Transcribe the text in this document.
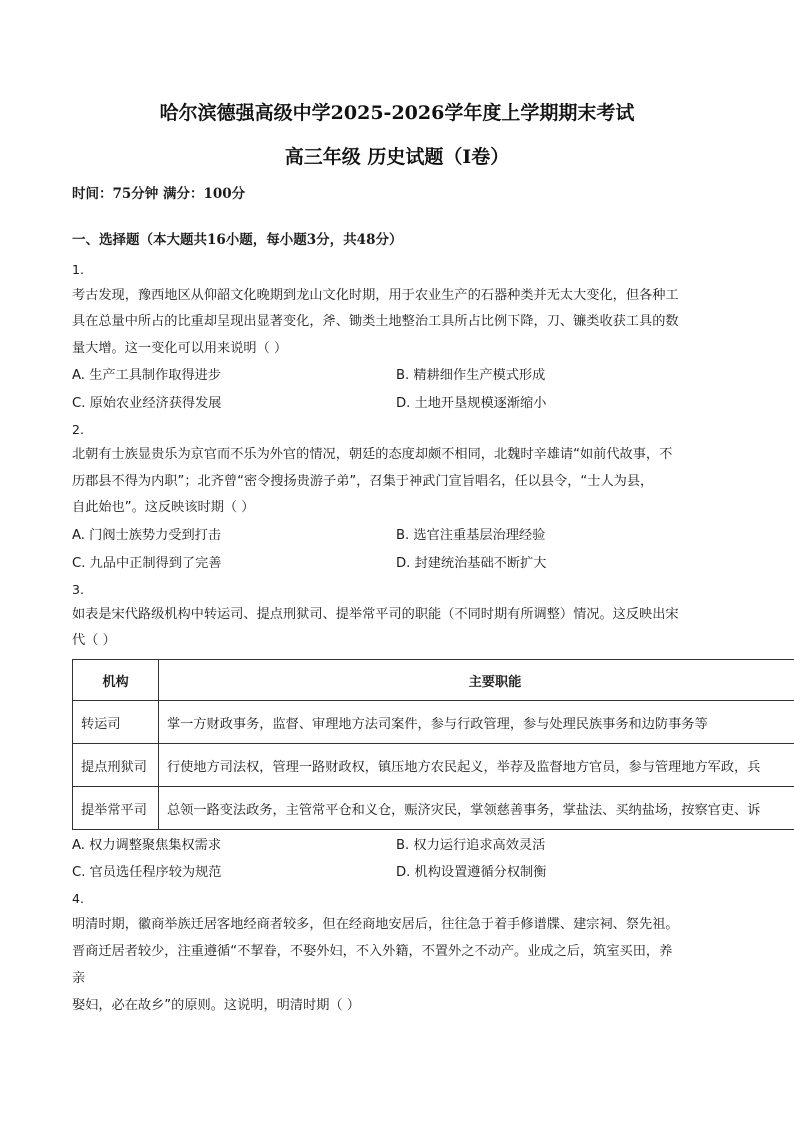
哈尔滨德强高级中学2025-2026学年度上学期期末考试
高三年级 历史试题（Ⅰ卷）
时间：75分钟 满分：100分
一、选择题（本大题共16小题，每小题3分，共48分）
1.
考古发现，豫西地区从仰韶文化晚期到龙山文化时期，用于农业生产的石器种类并无太大变化，但各种工
具在总量中所占的比重却呈现出显著变化，斧、锄类土地整治工具所占比例下降，刀、镰类收获工具的数
量大增。这一变化可以用来说明（ ）
A. 生产工具制作取得进步	B. 精耕细作生产模式形成
C. 原始农业经济获得发展	D. 土地开垦规模逐渐缩小
2.
北朝有士族显贵乐为京官而不乐为外官的情况，朝廷的态度却颇不相同，北魏时辛雄请“如前代故事，不
历郡县不得为内职”；北齐曾“密令搜扬贵游子弟”，召集于神武门宣旨唱名，任以县令，“士人为县，
自此始也”。这反映该时期（ ）
A. 门阀士族势力受到打击	B. 选官注重基层治理经验
C. 九品中正制得到了完善	D. 封建统治基础不断扩大
3.
如表是宋代路级机构中转运司、提点刑狱司、提举常平司的职能（不同时期有所调整）情况。这反映出宋
代（ ）
机构	主要职能
转运司	掌一方财政事务，监督、审理地方法司案件，参与行政管理，参与处理民族事务和边防事务等
提点刑狱司	行使地方司法权，管理一路财政权，镇压地方农民起义，举荐及监督地方官员，参与管理地方军政，兵
提举常平司	总领一路变法政务，主管常平仓和义仓，赈济灾民，掌领慈善事务，掌盐法、买纳盐场，按察官吏、诉
A. 权力调整聚焦集权需求	B. 权力运行追求高效灵活
C. 官员选任程序较为规范	D. 机构设置遵循分权制衡
4.
明清时期，徽商举族迁居客地经商者较多，但在经商地安居后，往往急于着手修谱牒、建宗祠、祭先祖。
晋商迁居者较少，注重遵循“不挈眷，不娶外妇，不入外籍，不置外之不动产。业成之后，筑室买田，养
亲
娶妇，必在故乡”的原则。这说明，明清时期（ ）
